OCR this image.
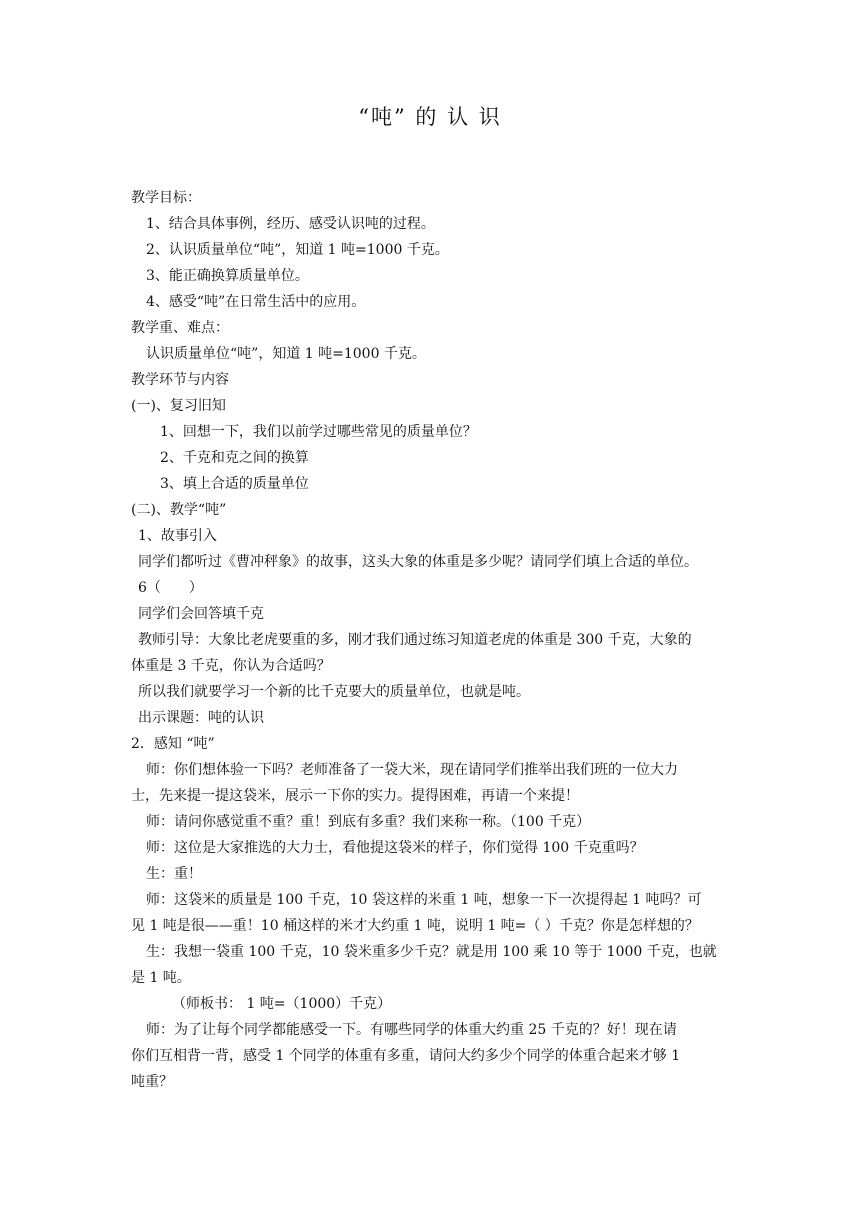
“吨” 的 认 识
教学目标：
1、结合具体事例，经历、感受认识吨的过程。
2、认识质量单位“吨”，知道 1 吨=1000 千克。
3、能正确换算质量单位。
4、感受“吨”在日常生活中的应用。
教学重、难点：
认识质量单位“吨”，知道 1 吨=1000 千克。
教学环节与内容
(一)、复习旧知
1、回想一下，我们以前学过哪些常见的质量单位？
2、千克和克之间的换算
3、填上合适的质量单位
(二)、教学“吨”
1、故事引入
同学们都听过《曹冲秤象》的故事，这头大象的体重是多少呢？请同学们填上合适的单位。
6（　　）
同学们会回答填千克
教师引导：大象比老虎要重的多，刚才我们通过练习知道老虎的体重是 300 千克，大象的
体重是 3 千克，你认为合适吗？
所以我们就要学习一个新的比千克要大的质量单位，也就是吨。
出示课题：吨的认识
2．感知 “吨”
师：你们想体验一下吗？老师准备了一袋大米，现在请同学们推举出我们班的一位大力
士，先来提一提这袋米，展示一下你的实力。提得困难，再请一个来提！
师：请问你感觉重不重？重！到底有多重？我们来称一称。（100 千克）
师：这位是大家推选的大力士，看他提这袋米的样子，你们觉得 100 千克重吗？
生：重！
师：这袋米的质量是 100 千克，10 袋这样的米重 1 吨，想象一下一次提得起 1 吨吗？可
见 1 吨是很——重！10 桶这样的米才大约重 1 吨，说明 1 吨=（ ）千克？你是怎样想的？
生：我想一袋重 100 千克，10 袋米重多少千克？就是用 100 乘 10 等于 1000 千克，也就
是 1 吨。
（师板书： 1 吨=（1000）千克）
师：为了让每个同学都能感受一下。有哪些同学的体重大约重 25 千克的？好！现在请
你们互相背一背，感受 1 个同学的体重有多重，请问大约多少个同学的体重合起来才够 1
吨重？
